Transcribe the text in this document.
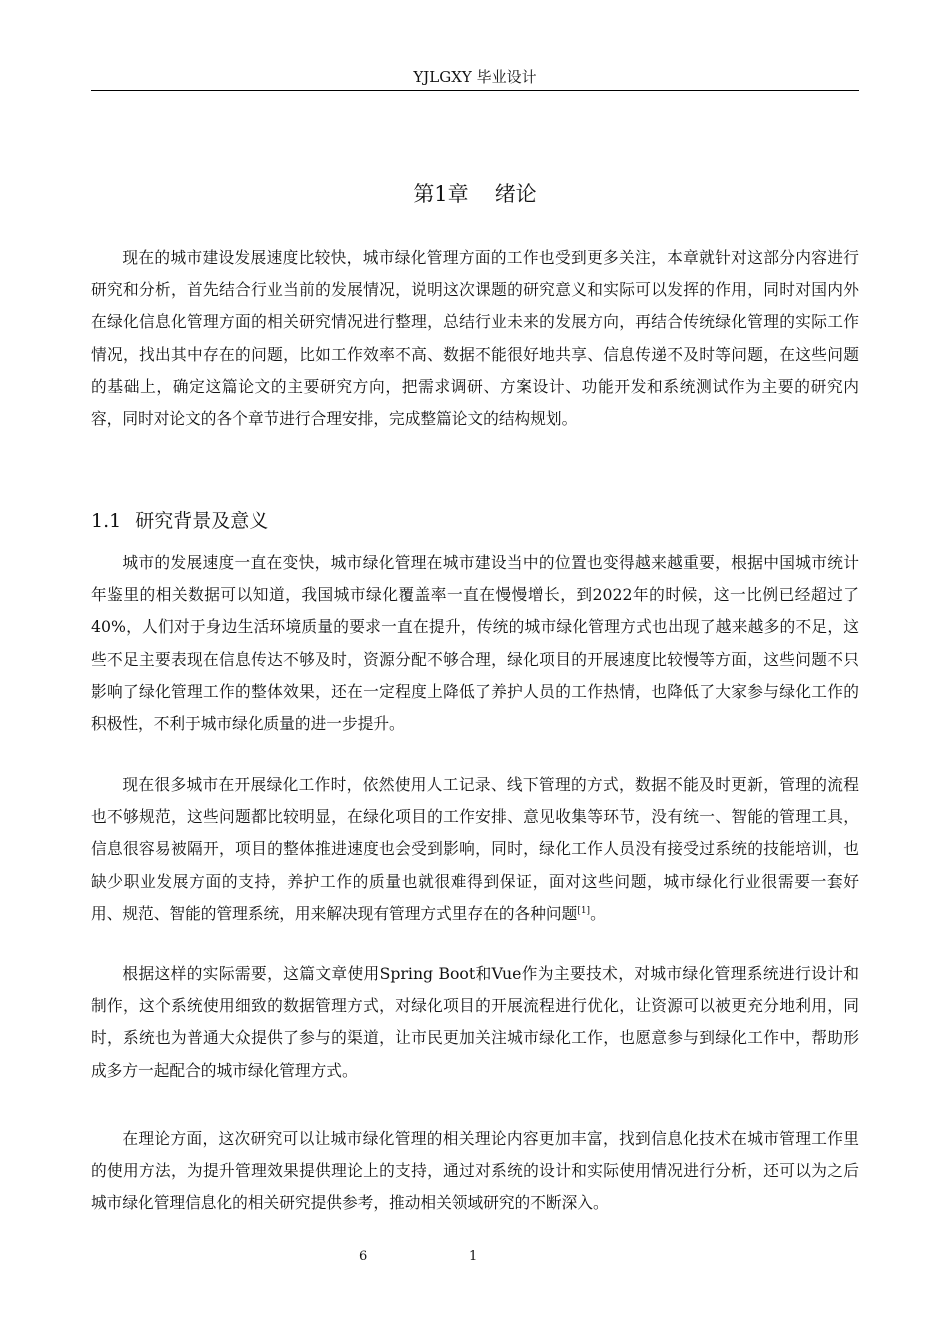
YJLGXY 毕业设计
第1章 绪论

现在的城市建设发展速度比较快，城市绿化管理方面的工作也受到更多关注，本章就针对这部分内容进行研究和分析，首先结合行业当前的发展情况，说明这次课题的研究意义和实际可以发挥的作用，同时对国内外在绿化信息化管理方面的相关研究情况进行整理，总结行业未来的发展方向，再结合传统绿化管理的实际工作情况，找出其中存在的问题，比如工作效率不高、数据不能很好地共享、信息传递不及时等问题，在这些问题的基础上，确定这篇论文的主要研究方向，把需求调研、方案设计、功能开发和系统测试作为主要的研究内容，同时对论文的各个章节进行合理安排，完成整篇论文的结构规划。

1.1 研究背景及意义

城市的发展速度一直在变快，城市绿化管理在城市建设当中的位置也变得越来越重要，根据中国城市统计年鉴里的相关数据可以知道，我国城市绿化覆盖率一直在慢慢增长，到2022年的时候，这一比例已经超过了40%，人们对于身边生活环境质量的要求一直在提升，传统的城市绿化管理方式也出现了越来越多的不足，这些不足主要表现在信息传达不够及时，资源分配不够合理，绿化项目的开展速度比较慢等方面，这些问题不只影响了绿化管理工作的整体效果，还在一定程度上降低了养护人员的工作热情，也降低了大家参与绿化工作的积极性，不利于城市绿化质量的进一步提升。

现在很多城市在开展绿化工作时，依然使用人工记录、线下管理的方式，数据不能及时更新，管理的流程也不够规范，这些问题都比较明显，在绿化项目的工作安排、意见收集等环节，没有统一、智能的管理工具，信息很容易被隔开，项目的整体推进速度也会受到影响，同时，绿化工作人员没有接受过系统的技能培训，也缺少职业发展方面的支持，养护工作的质量也就很难得到保证，面对这些问题，城市绿化行业很需要一套好用、规范、智能的管理系统，用来解决现有管理方式里存在的各种问题[1]。

根据这样的实际需要，这篇文章使用Spring Boot和Vue作为主要技术，对城市绿化管理系统进行设计和制作，这个系统使用细致的数据管理方式，对绿化项目的开展流程进行优化，让资源可以被更充分地利用，同时，系统也为普通大众提供了参与的渠道，让市民更加关注城市绿化工作，也愿意参与到绿化工作中，帮助形成多方一起配合的城市绿化管理方式。

在理论方面，这次研究可以让城市绿化管理的相关理论内容更加丰富，找到信息化技术在城市管理工作里的使用方法，为提升管理效果提供理论上的支持，通过对系统的设计和实际使用情况进行分析，还可以为之后城市绿化管理信息化的相关研究提供参考，推动相关领域研究的不断深入。

6	1
